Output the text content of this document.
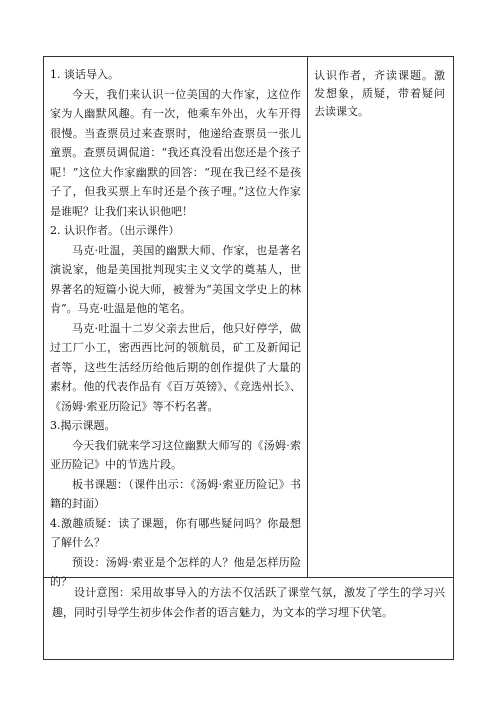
1. 谈话导入。

今天，我们来认识一位美国的大作家，这位作家为人幽默风趣。有一次，他乘车外出，火车开得很慢。当查票员过来查票时，他递给查票员一张儿童票。查票员调侃道：“我还真没看出您还是个孩子呢！”这位大作家幽默的回答：“现在我已经不是孩子了，但我买票上车时还是个孩子哩。”这位大作家是谁呢？让我们来认识他吧！

2. 认识作者。（出示课件）

马克·吐温，美国的幽默大师、作家，也是著名演说家，他是美国批判现实主义文学的奠基人，世界著名的短篇小说大师，被誉为“美国文学史上的林肯”。马克·吐温是他的笔名。

马克·吐温十二岁父亲去世后，他只好停学，做过工厂小工，密西西比河的领航员，矿工及新闻记者等，这些生活经历给他后期的创作提供了大量的素材。他的代表作品有《百万英镑》、《竞选州长》、《汤姆·索亚历险记》等不朽名著。

3.揭示课题。

今天我们就来学习这位幽默大师写的《汤姆·索亚历险记》中的节选片段。

板书课题：（课件出示：《汤姆·索亚历险记》书籍的封面）

4.激趣质疑：读了课题，你有哪些疑问吗？你最想了解什么？

预设：汤姆·索亚是个怎样的人？他是怎样历险的？

认识作者，齐读课题。激发想象，质疑，带着疑问去读课文。

设计意图：采用故事导入的方法不仅活跃了课堂气氛，激发了学生的学习兴趣，同时引导学生初步体会作者的语言魅力，为文本的学习埋下伏笔。
